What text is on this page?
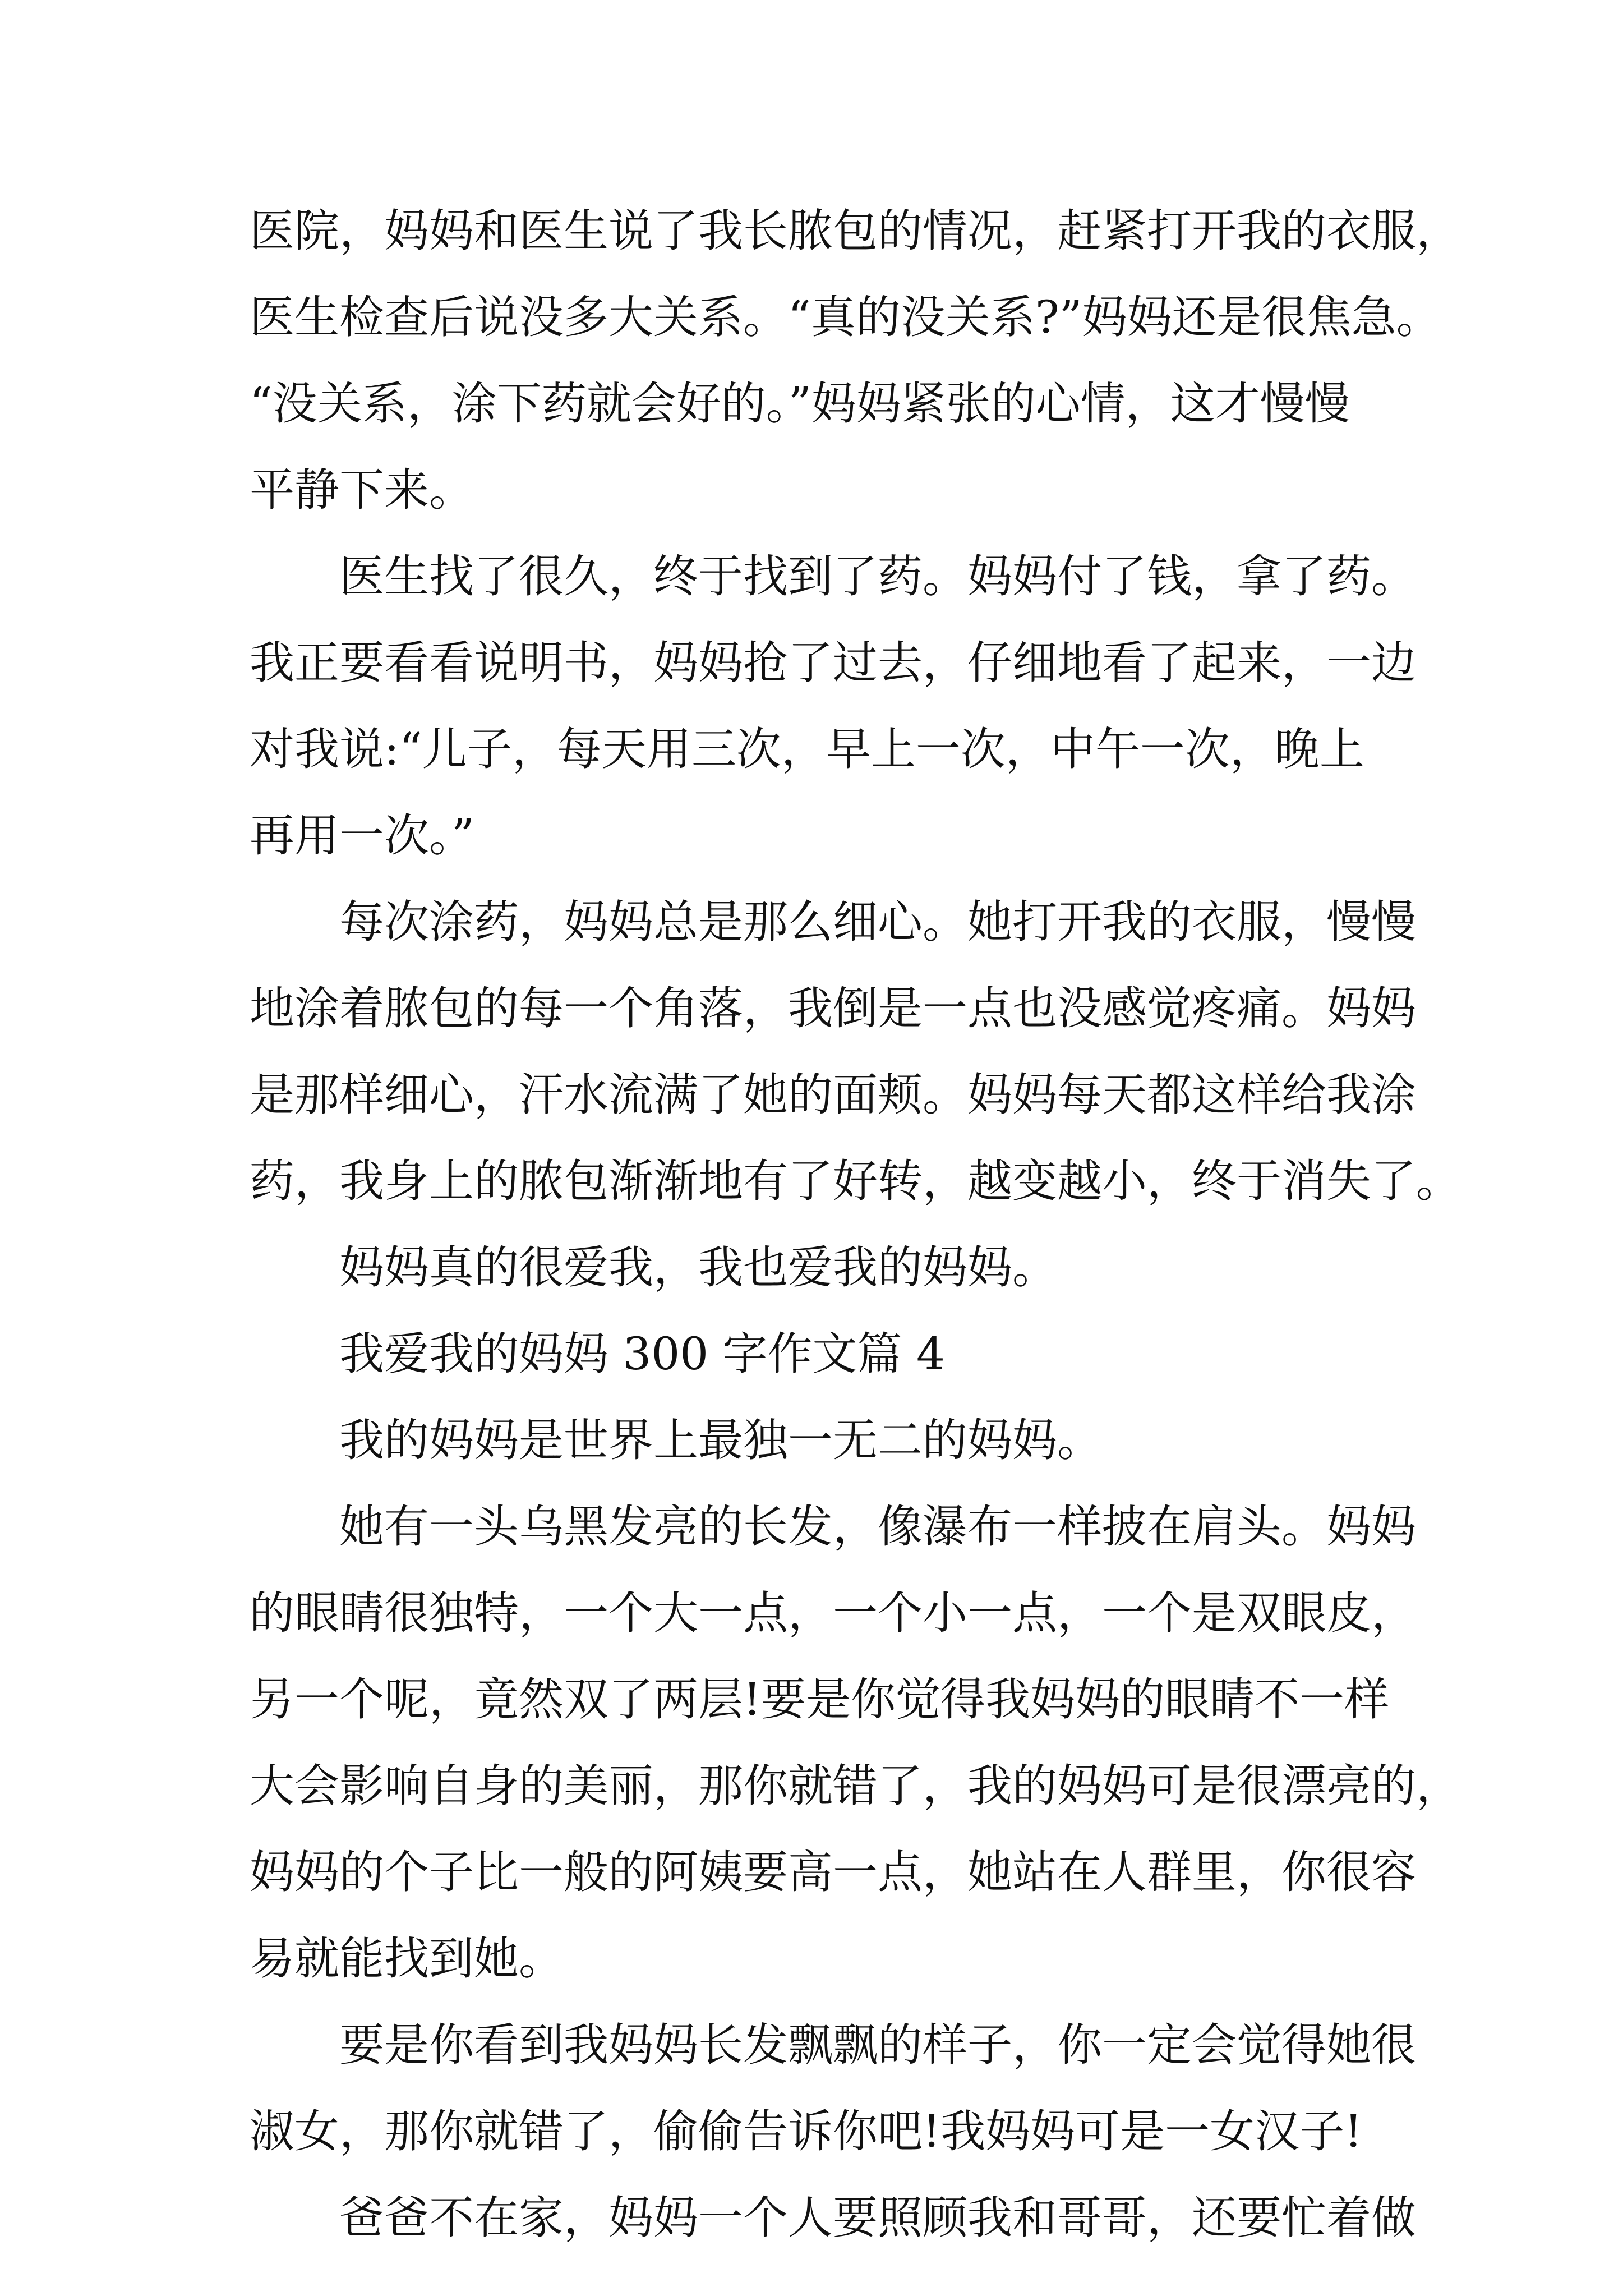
医院，妈妈和医生说了我长脓包的情况，赶紧打开我的衣服，
医生检查后说没多大关系。“真的没关系?”妈妈还是很焦急。
“没关系，涂下药就会好的。”妈妈紧张的心情，这才慢慢
平静下来。
医生找了很久，终于找到了药。妈妈付了钱，拿了药。
我正要看看说明书，妈妈抢了过去，仔细地看了起来，一边
对我说:“儿子，每天用三次，早上一次，中午一次，晚上
再用一次。”
每次涂药，妈妈总是那么细心。她打开我的衣服，慢慢
地涂着脓包的每一个角落，我倒是一点也没感觉疼痛。妈妈
是那样细心，汗水流满了她的面颊。妈妈每天都这样给我涂
药，我身上的脓包渐渐地有了好转，越变越小，终于消失了。
妈妈真的很爱我，我也爱我的妈妈。
我爱我的妈妈 300 字作文篇 4
我的妈妈是世界上最独一无二的妈妈。
她有一头乌黑发亮的长发，像瀑布一样披在肩头。妈妈
的眼睛很独特，一个大一点，一个小一点，一个是双眼皮，
另一个呢，竟然双了两层!要是你觉得我妈妈的眼睛不一样
大会影响自身的美丽，那你就错了，我的妈妈可是很漂亮的，
妈妈的个子比一般的阿姨要高一点，她站在人群里，你很容
易就能找到她。
要是你看到我妈妈长发飘飘的样子，你一定会觉得她很
淑女，那你就错了，偷偷告诉你吧!我妈妈可是一女汉子!
爸爸不在家，妈妈一个人要照顾我和哥哥，还要忙着做
